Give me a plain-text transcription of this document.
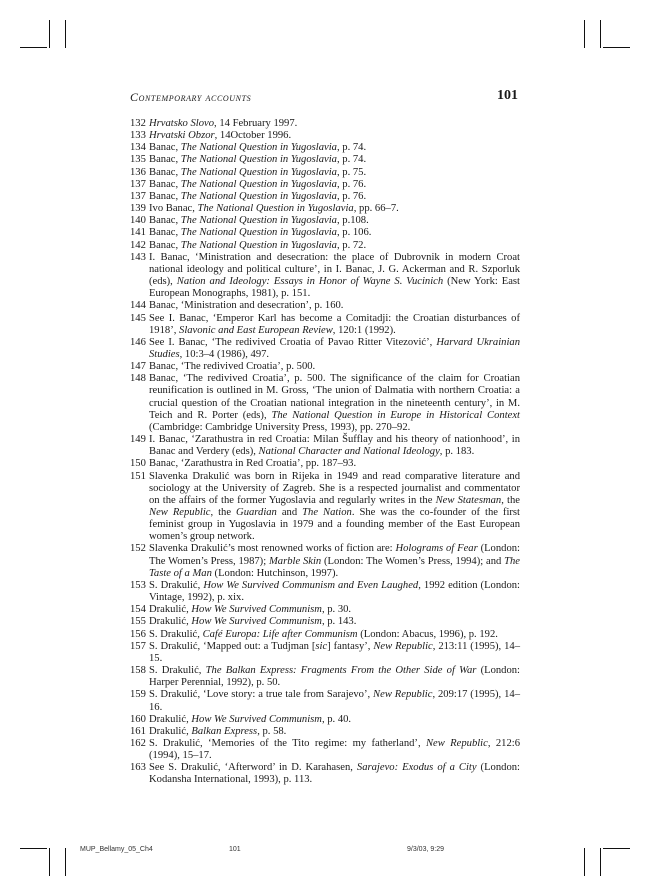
Contemporary accounts	101
132 Hrvatsko Slovo, 14 February 1997.
133 Hrvatski Obzor, 14October 1996.
134 Banac, The National Question in Yugoslavia, p. 74.
135 Banac, The National Question in Yugoslavia, p. 74.
136 Banac, The National Question in Yugoslavia, p. 75.
137 Banac, The National Question in Yugoslavia, p. 76.
137 Banac, The National Question in Yugoslavia, p. 76.
139 Ivo Banac, The National Question in Yugoslavia, pp. 66–7.
140 Banac, The National Question in Yugoslavia, p.108.
141 Banac, The National Question in Yugoslavia, p. 106.
142 Banac, The National Question in Yugoslavia, p. 72.
143 I. Banac, ‘Ministration and desecration: the place of Dubrovnik in modern Croat national ideology and political culture’, in I. Banac, J. G. Ackerman and R. Szporluk (eds), Nation and Ideology: Essays in Honor of Wayne S. Vucinich (New York: East European Monographs, 1981), p. 151.
144 Banac, ‘Ministration and desecration’, p. 160.
145 See I. Banac, ‘Emperor Karl has become a Comitadji: the Croatian disturbances of 1918’, Slavonic and East European Review, 120:1 (1992).
146 See I. Banac, ‘The redivived Croatia of Pavao Ritter Vitezović’, Harvard Ukrainian Studies, 10:3–4 (1986), 497.
147 Banac, ‘The redivived Croatia’, p. 500.
148 Banac, ‘The redivived Croatia’, p. 500. The significance of the claim for Croatian reunification is outlined in M. Gross, ‘The union of Dalmatia with northern Croatia: a crucial question of the Croatian national integration in the nineteenth century’, in M. Teich and R. Porter (eds), The National Question in Europe in Historical Context (Cambridge: Cambridge University Press, 1993), pp. 270–92.
149 I. Banac, ‘Zarathustra in red Croatia: Milan Šufflay and his theory of nationhood’, in Banac and Verdery (eds), National Character and National Ideology, p. 183.
150 Banac, ‘Zarathustra in Red Croatia’, pp. 187–93.
151 Slavenka Drakulić was born in Rijeka in 1949 and read comparative literature and sociology at the University of Zagreb. She is a respected journalist and commentator on the affairs of the former Yugoslavia and regularly writes in the New Statesman, the New Republic, the Guardian and The Nation. She was the co-founder of the first feminist group in Yugoslavia in 1979 and a founding member of the East European women’s group network.
152 Slavenka Drakulić’s most renowned works of fiction are: Holograms of Fear (London: The Women’s Press, 1987); Marble Skin (London: The Women’s Press, 1994); and The Taste of a Man (London: Hutchinson, 1997).
153 S. Drakulić, How We Survived Communism and Even Laughed, 1992 edition (London: Vintage, 1992), p. xix.
154 Drakulić, How We Survived Communism, p. 30.
155 Drakulić, How We Survived Communism, p. 143.
156 S. Drakulić, Café Europa: Life after Communism (London: Abacus, 1996), p. 192.
157 S. Drakulić, ‘Mapped out: a Tudjman [sic] fantasy’, New Republic, 213:11 (1995), 14–15.
158 S. Drakulić, The Balkan Express: Fragments From the Other Side of War (London: Harper Perennial, 1992), p. 50.
159 S. Drakulić, ‘Love story: a true tale from Sarajevo’, New Republic, 209:17 (1995), 14–16.
160 Drakulić, How We Survived Communism, p. 40.
161 Drakulić, Balkan Express, p. 58.
162 S. Drakulić, ‘Memories of the Tito regime: my fatherland’, New Republic, 212:6 (1994), 15–17.
163 See S. Drakulić, ‘Afterword’ in D. Karahasen, Sarajevo: Exodus of a City (London: Kodansha International, 1993), p. 113.
MUP_Bellamy_05_Ch4	101	9/3/03, 9:29
